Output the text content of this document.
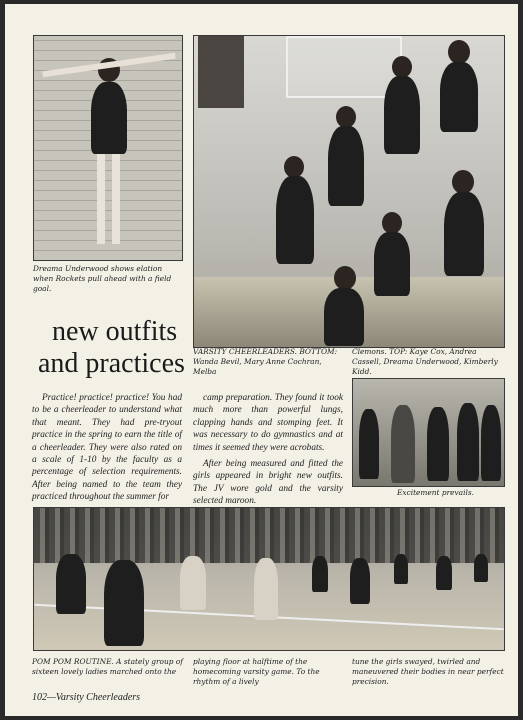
Dreama Underwood shows elation when Rockets pull ahead with a field goal.
VARSITY CHEERLEADERS. BOTTOM: Wanda Bevil, Mary Anne Cochran, Melba
Clemons. TOP: Kaye Cox, Andrea Cassell, Dreama Underwood, Kimberly Kidd.
new outfits
and practices

Practice! practice! practice! You had to be a cheerleader to understand what that meant. They had pre-tryout practice in the spring to earn the title of a cheerleader. They were also rated on a scale of 1-10 by the faculty as a percentage of selection requirements. After being named to the team they practiced throughout the summer for

camp preparation. They found it took much more than powerful lungs, clapping hands and stomping feet. It was necessary to do gymnastics and at times it seemed they were acrobats.

After being measured and fitted the girls appeared in bright new outfits. The JV wore gold and the varsity selected maroon.

Excitement prevails.
POM POM ROUTINE. A stately group of sixteen lovely ladies marched onto the
playing floor at halftime of the homecoming varsity game. To the rhythm of a lively
tune the girls swayed, twirled and maneuvered their bodies in near perfect precision.
102—Varsity Cheerleaders
